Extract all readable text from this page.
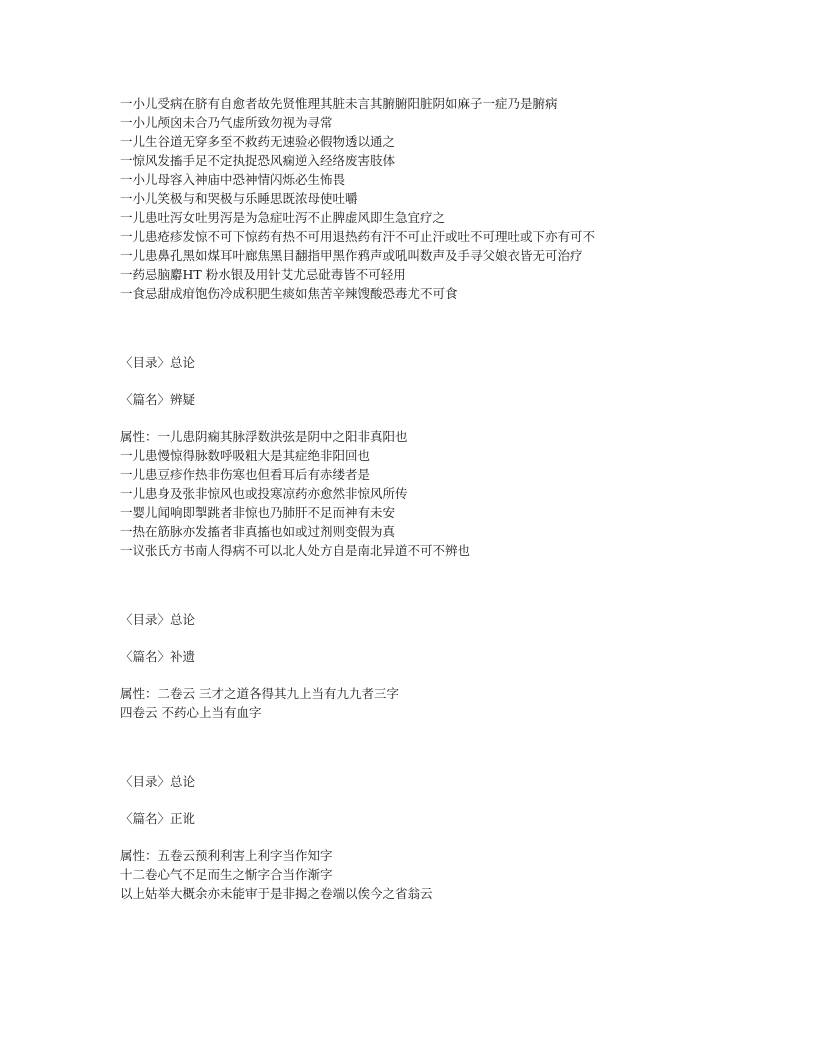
一小儿受病在脐有自愈者故先贤惟理其脏未言其腑腑阳脏阴如麻子一症乃是腑病
一小儿颅囟未合乃气虚所致勿视为寻常
一儿生谷道无穿多至不救药无速验必假物透以通之
一惊风发搐手足不定执捉恐风痫逆入经络废害肢体
一小儿母容入神庙中恐神情闪烁必生怖畏
一小儿笑极与和哭极与乐睡思既浓母使吐嚼
一儿患吐泻女吐男泻是为急症吐泻不止脾虚风即生急宜疗之
一儿患疮疹发惊不可下惊药有热不可用退热药有汗不可止汗或吐不可理吐或下亦有可不
一儿患鼻孔黑如煤耳叶廊焦黑目翻指甲黑作鸦声或吼叫数声及手寻父娘衣皆无可治疗
一药忌脑麝HT 粉水银及用针艾尤忌砒毒皆不可轻用
一食忌甜成疳饱伤冷成积肥生痰如焦苦辛辣馊酸恐毒尤不可食
〈目录〉总论
〈篇名〉辨疑
属性：一儿患阴痫其脉浮数洪弦是阴中之阳非真阳也
一儿患慢惊得脉数呼吸粗大是其症绝非阳回也
一儿患豆疹作热非伤寒也但看耳后有赤缕者是
一儿患身及张非惊风也或投寒凉药亦愈然非惊风所传
一婴儿闻响即掣跳者非惊也乃肺肝不足而神有未安
一热在筋脉亦发搐者非真搐也如或过剂则变假为真
一议张氏方书南人得病不可以北人处方自是南北异道不可不辨也
〈目录〉总论
〈篇名〉补遗
属性：二卷云 三才之道各得其九上当有九九者三字
四卷云 不药心上当有血字
〈目录〉总论
〈篇名〉正讹
属性：五卷云预利利害上利字当作知字
十二卷心气不足而生之惭字合当作渐字
以上姑举大概余亦未能审于是非揭之卷端以俟今之省翁云
